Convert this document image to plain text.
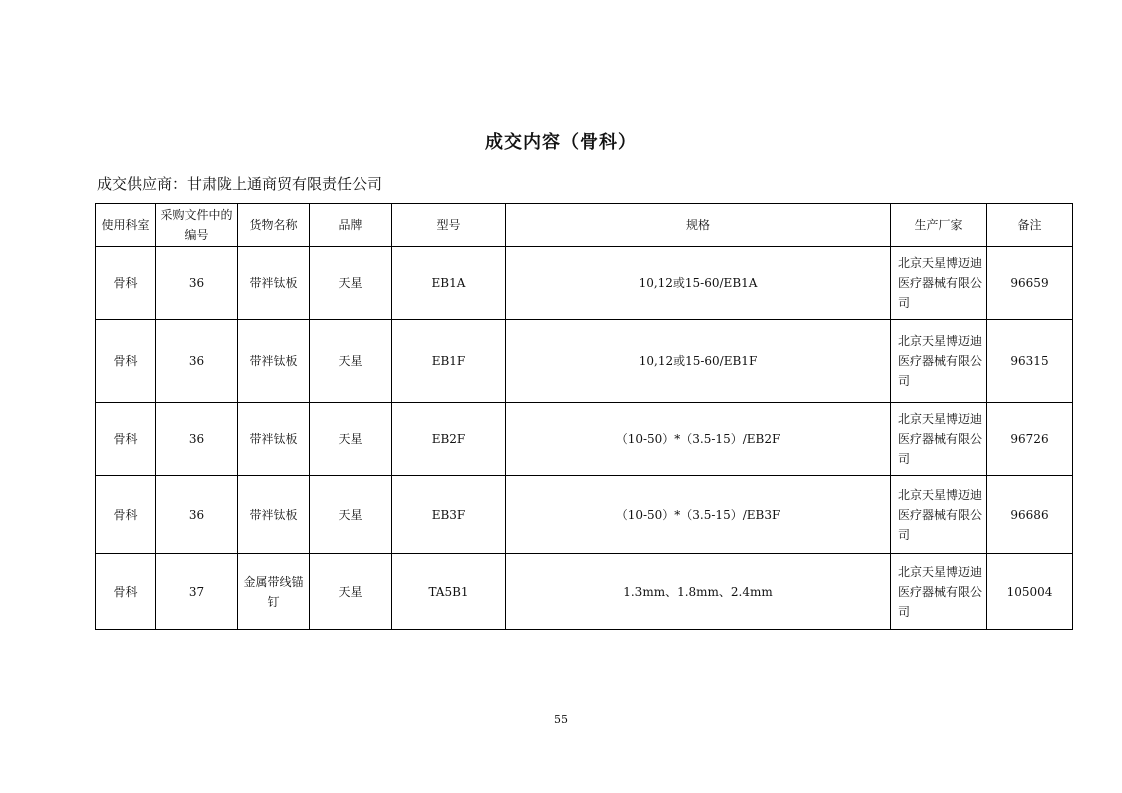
成交内容（骨科）
成交供应商：甘肃陇上通商贸有限责任公司
使用科室	采购文件中的编号	货物名称	品牌	型号	规格	生产厂家	备注
骨科	36	带袢钛板	天星	EB1A	10,12或15-60/EB1A	北京天星博迈迪医疗器械有限公司	96659
骨科	36	带袢钛板	天星	EB1F	10,12或15-60/EB1F	北京天星博迈迪医疗器械有限公司	96315
骨科	36	带袢钛板	天星	EB2F	（10-50）*（3.5-15）/EB2F	北京天星博迈迪医疗器械有限公司	96726
骨科	36	带袢钛板	天星	EB3F	（10-50）*（3.5-15）/EB3F	北京天星博迈迪医疗器械有限公司	96686
骨科	37	金属带线锚钉	天星	TA5B1	1.3mm、1.8mm、2.4mm	北京天星博迈迪医疗器械有限公司	105004
55
